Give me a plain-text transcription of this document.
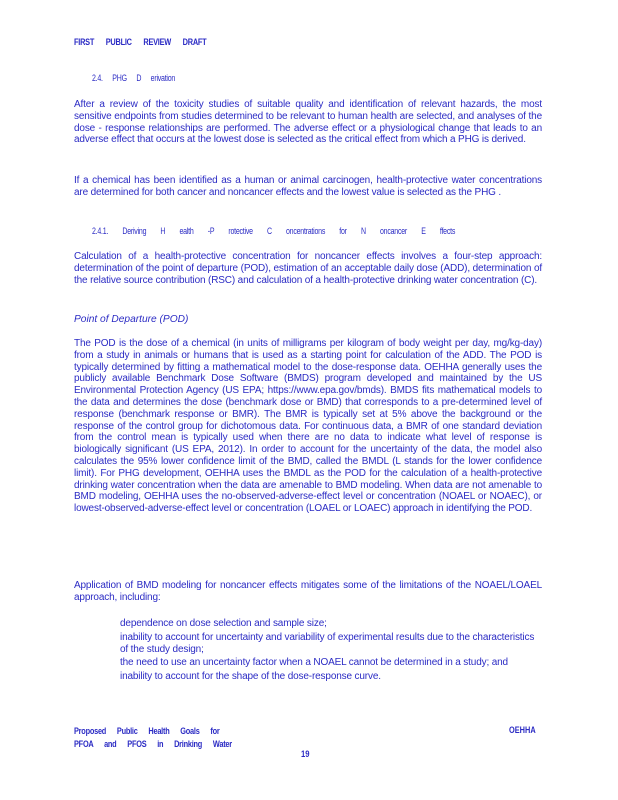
FIRST PUBLIC REVIEW DRAFT
2.4. PHG D erivation

After a review of the toxicity studies of suitable quality and identification of relevant hazards, the most sensitive endpoints from studies determined to be relevant to human health are selected, and analyses of the dose - response relationships are performed. The adverse effect or a physiological change that leads to an adverse effect that occurs at the lowest dose is selected as the critical effect from which a PHG is derived.

If a chemical has been identified as a human or animal carcinogen, health-protective water concentrations are determined for both cancer and noncancer effects and the lowest value is selected as the PHG .

2.4.1. Deriving H ealth -P rotective C oncentrations for N oncancer E ffects

Calculation of a health-protective concentration for noncancer effects involves a four-step approach: determination of the point of departure (POD), estimation of an acceptable daily dose (ADD), determination of the relative source contribution (RSC) and calculation of a health-protective drinking water concentration (C).

Point of Departure (POD)

The POD is the dose of a chemical (in units of milligrams per kilogram of body weight per day, mg/kg-day) from a study in animals or humans that is used as a starting point for calculation of the ADD. The POD is typically determined by fitting a mathematical model to the dose-response data. OEHHA generally uses the publicly available Benchmark Dose Software (BMDS) program developed and maintained by the US Environmental Protection Agency (US EPA; https://www.epa.gov/bmds). BMDS fits mathematical models to the data and determines the dose (benchmark dose or BMD) that corresponds to a pre-determined level of response (benchmark response or BMR). The BMR is typically set at 5% above the background or the response of the control group for dichotomous data. For continuous data, a BMR of one standard deviation from the control mean is typically used when there are no data to indicate what level of response is biologically significant (US EPA, 2012). In order to account for the uncertainty of the data, the model also calculates the 95% lower confidence limit of the BMD, called the BMDL (L stands for the lower confidence limit). For PHG development, OEHHA uses the BMDL as the POD for the calculation of a health-protective drinking water concentration when the data are amenable to BMD modeling. When data are not amenable to BMD modeling, OEHHA uses the no-observed-adverse-effect level or concentration (NOAEL or NOAEC), or lowest-observed-adverse-effect level or concentration (LOAEL or LOAEC) approach in identifying the POD.

Application of BMD modeling for noncancer effects mitigates some of the limitations of the NOAEL/LOAEL approach, including:

dependence on dose selection and sample size;
inability to account for uncertainty and variability of experimental results due to the characteristics of the study design;
the need to use an uncertainty factor when a NOAEL cannot be determined in a study; and
inability to account for the shape of the dose-response curve.
Proposed Public Health Goals for
PFOA and PFOS in Drinking Water
OEHHA
19
